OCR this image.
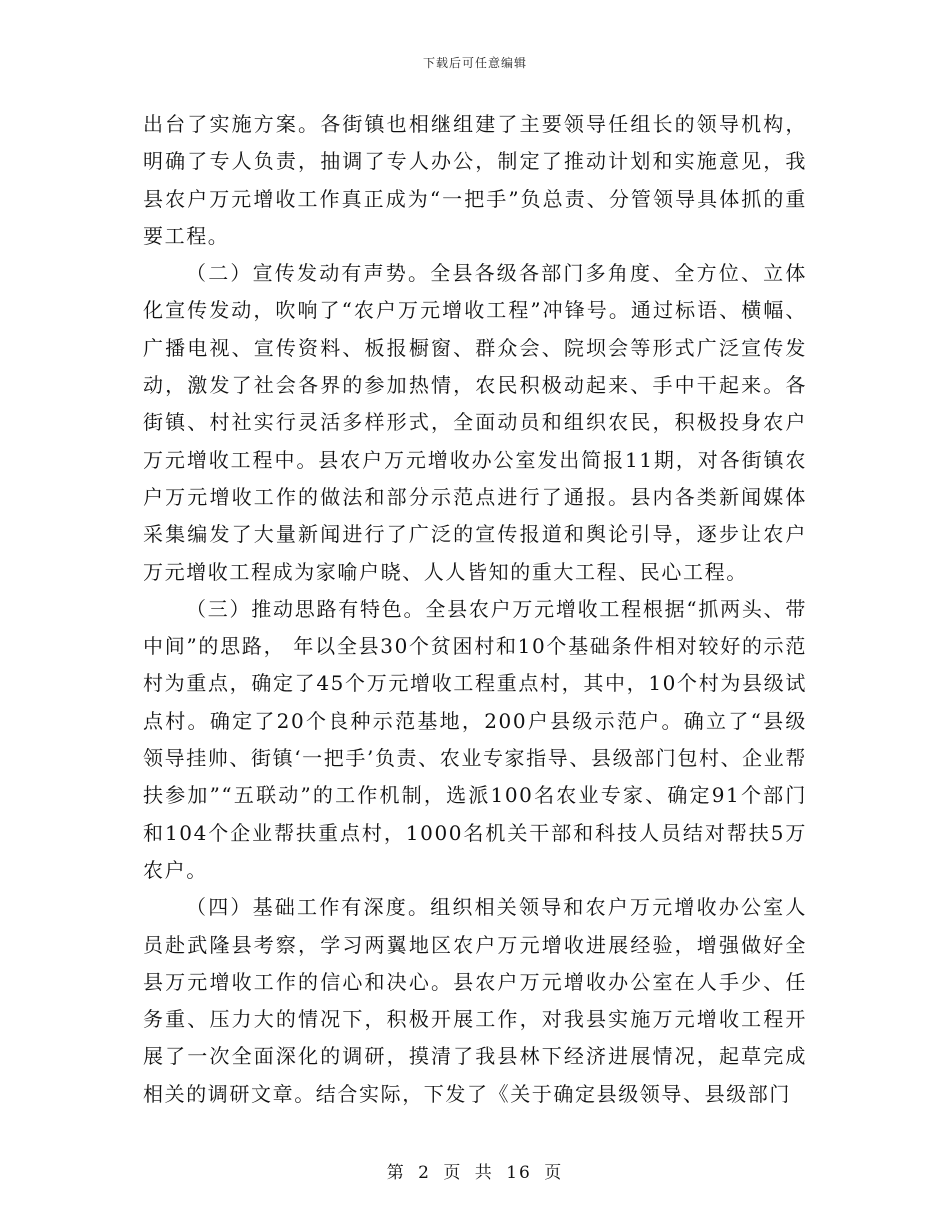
下载后可任意编辑

出台了实施方案。各街镇也相继组建了主要领导任组长的领导机构，明确了专人负责，抽调了专人办公，制定了推动计划和实施意见，我县农户万元增收工作真正成为“一把手”负总责、分管领导具体抓的重要工程。

（二）宣传发动有声势。全县各级各部门多角度、全方位、立体化宣传发动，吹响了“农户万元增收工程”冲锋号。通过标语、横幅、广播电视、宣传资料、板报橱窗、群众会、院坝会等形式广泛宣传发动，激发了社会各界的参加热情，农民积极动起来、手中干起来。各街镇、村社实行灵活多样形式，全面动员和组织农民，积极投身农户万元增收工程中。县农户万元增收办公室发出简报11期，对各街镇农户万元增收工作的做法和部分示范点进行了通报。县内各类新闻媒体采集编发了大量新闻进行了广泛的宣传报道和舆论引导，逐步让农户万元增收工程成为家喻户晓、人人皆知的重大工程、民心工程。

（三）推动思路有特色。全县农户万元增收工程根据“抓两头、带中间”的思路， 年以全县30个贫困村和10个基础条件相对较好的示范村为重点，确定了45个万元增收工程重点村，其中，10个村为县级试点村。确定了20个良种示范基地，200户县级示范户。确立了“县级领导挂帅、街镇‘一把手’负责、农业专家指导、县级部门包村、企业帮扶参加”“五联动”的工作机制，选派100名农业专家、确定91个部门和104个企业帮扶重点村，1000名机关干部和科技人员结对帮扶5万农户。

（四）基础工作有深度。组织相关领导和农户万元增收办公室人员赴武隆县考察，学习两翼地区农户万元增收进展经验，增强做好全县万元增收工作的信心和决心。县农户万元增收办公室在人手少、任务重、压力大的情况下，积极开展工作，对我县实施万元增收工程开展了一次全面深化的调研，摸清了我县林下经济进展情况，起草完成相关的调研文章。结合实际，下发了《关于确定县级领导、县级部门

第 2 页 共 16 页
